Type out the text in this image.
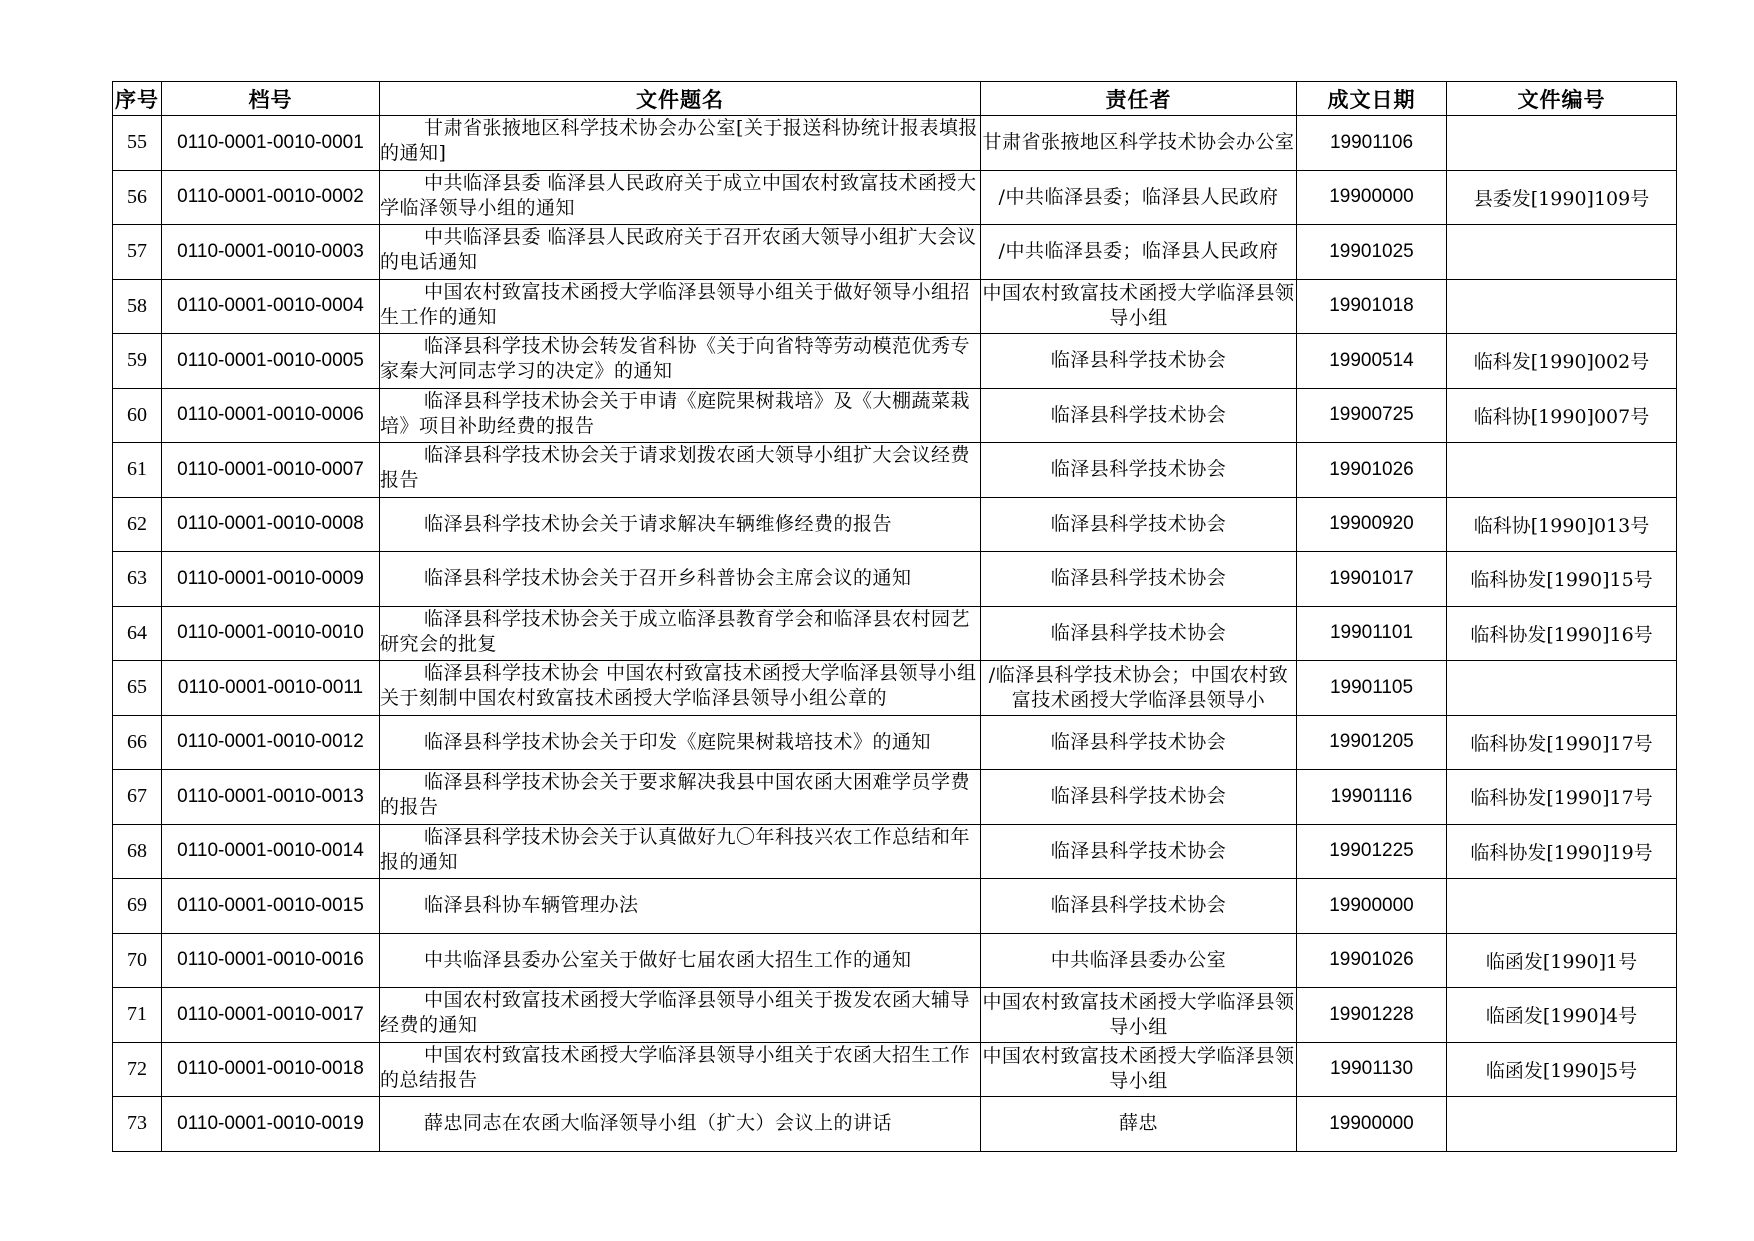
序号	档号	文件题名	责任者	成文日期	文件编号
55	0110-0001-0010-0001	甘肃省张掖地区科学技术协会办公室[关于报送科协统计报表填报的通知]	甘肃省张掖地区科学技术协会办公室	19901106	
56	0110-0001-0010-0002	中共临泽县委 临泽县人民政府关于成立中国农村致富技术函授大学临泽领导小组的通知	/中共临泽县委；临泽县人民政府	19900000	县委发[1990]109号
57	0110-0001-0010-0003	中共临泽县委 临泽县人民政府关于召开农函大领导小组扩大会议的电话通知	/中共临泽县委；临泽县人民政府	19901025	
58	0110-0001-0010-0004	中国农村致富技术函授大学临泽县领导小组关于做好领导小组招生工作的通知	中国农村致富技术函授大学临泽县领导小组	19901018	
59	0110-0001-0010-0005	临泽县科学技术协会转发省科协《关于向省特等劳动模范优秀专家秦大河同志学习的决定》的通知	临泽县科学技术协会	19900514	临科发[1990]002号
60	0110-0001-0010-0006	临泽县科学技术协会关于申请《庭院果树栽培》及《大棚蔬菜栽培》项目补助经费的报告	临泽县科学技术协会	19900725	临科协[1990]007号
61	0110-0001-0010-0007	临泽县科学技术协会关于请求划拨农函大领导小组扩大会议经费报告	临泽县科学技术协会	19901026	
62	0110-0001-0010-0008	临泽县科学技术协会关于请求解决车辆维修经费的报告	临泽县科学技术协会	19900920	临科协[1990]013号
63	0110-0001-0010-0009	临泽县科学技术协会关于召开乡科普协会主席会议的通知	临泽县科学技术协会	19901017	临科协发[1990]15号
64	0110-0001-0010-0010	临泽县科学技术协会关于成立临泽县教育学会和临泽县农村园艺研究会的批复	临泽县科学技术协会	19901101	临科协发[1990]16号
65	0110-0001-0010-0011	临泽县科学技术协会 中国农村致富技术函授大学临泽县领导小组关于刻制中国农村致富技术函授大学临泽县领导小组公章的	/临泽县科学技术协会；中国农村致富技术函授大学临泽县领导小	19901105	
66	0110-0001-0010-0012	临泽县科学技术协会关于印发《庭院果树栽培技术》的通知	临泽县科学技术协会	19901205	临科协发[1990]17号
67	0110-0001-0010-0013	临泽县科学技术协会关于要求解决我县中国农函大困难学员学费的报告	临泽县科学技术协会	19901116	临科协发[1990]17号
68	0110-0001-0010-0014	临泽县科学技术协会关于认真做好九〇年科技兴农工作总结和年报的通知	临泽县科学技术协会	19901225	临科协发[1990]19号
69	0110-0001-0010-0015	临泽县科协车辆管理办法	临泽县科学技术协会	19900000	
70	0110-0001-0010-0016	中共临泽县委办公室关于做好七届农函大招生工作的通知	中共临泽县委办公室	19901026	临函发[1990]1号
71	0110-0001-0010-0017	中国农村致富技术函授大学临泽县领导小组关于拨发农函大辅导经费的通知	中国农村致富技术函授大学临泽县领导小组	19901228	临函发[1990]4号
72	0110-0001-0010-0018	中国农村致富技术函授大学临泽县领导小组关于农函大招生工作的总结报告	中国农村致富技术函授大学临泽县领导小组	19901130	临函发[1990]5号
73	0110-0001-0010-0019	薛忠同志在农函大临泽领导小组（扩大）会议上的讲话	薛忠	19900000	
